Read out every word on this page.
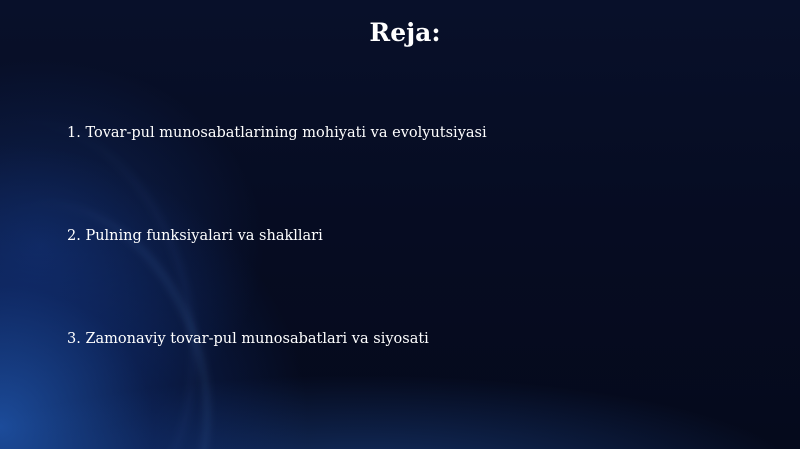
Reja:
1. Tovar-pul munosabatlarining mohiyati va evolyutsiyasi
2. Pulning funksiyalari va shakllari
3. Zamonaviy tovar-pul munosabatlari va siyosati
